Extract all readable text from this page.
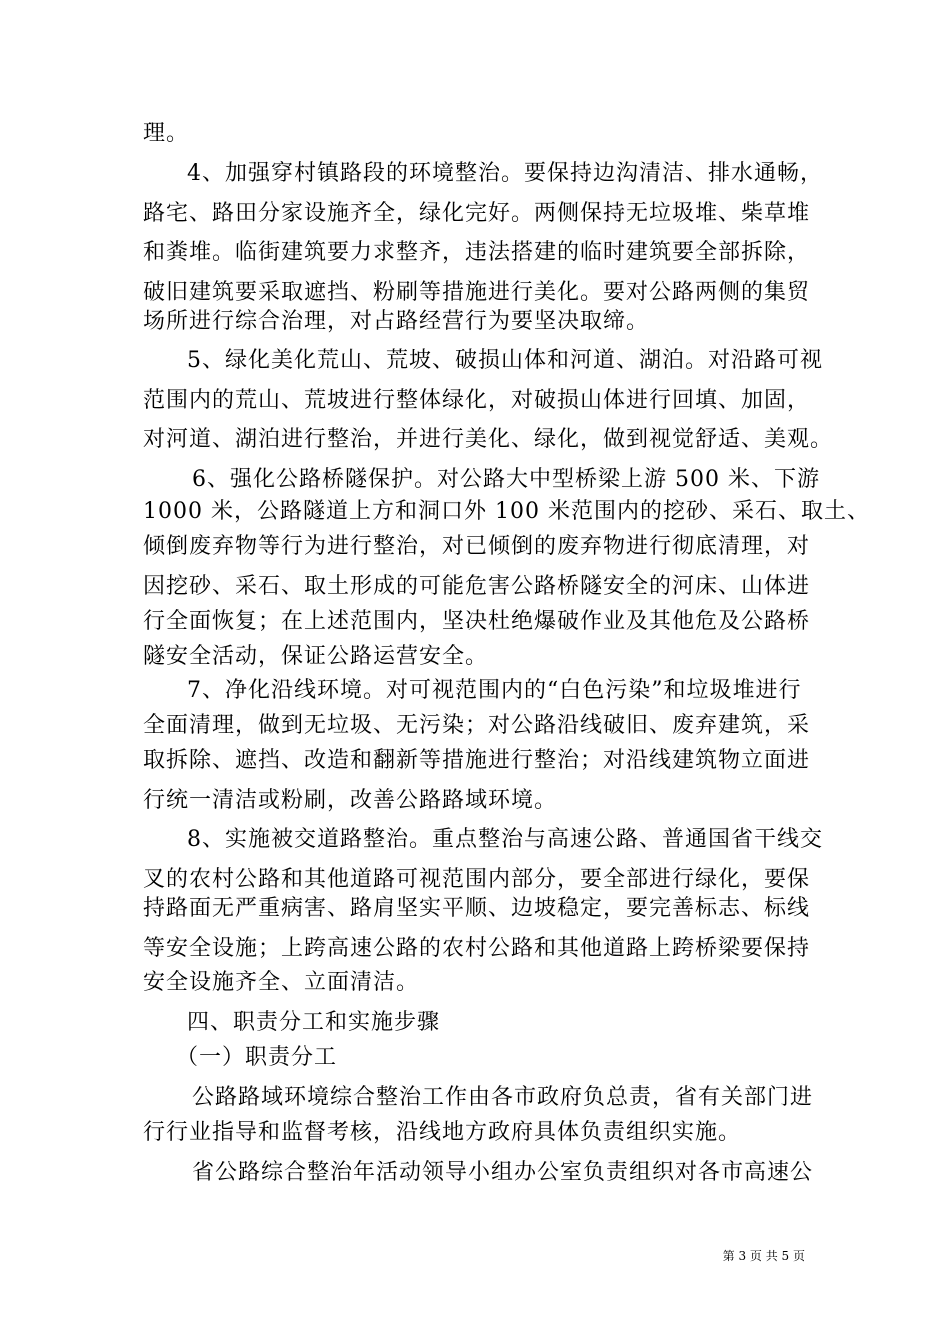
理。
4、加强穿村镇路段的环境整治。要保持边沟清洁、排水通畅，
路宅、路田分家设施齐全，绿化完好。两侧保持无垃圾堆、柴草堆
和粪堆。临街建筑要力求整齐，违法搭建的临时建筑要全部拆除，
破旧建筑要采取遮挡、粉刷等措施进行美化。要对公路两侧的集贸
场所进行综合治理，对占路经营行为要坚决取缔。
5、绿化美化荒山、荒坡、破损山体和河道、湖泊。对沿路可视
范围内的荒山、荒坡进行整体绿化，对破损山体进行回填、加固，
对河道、湖泊进行整治，并进行美化、绿化，做到视觉舒适、美观。
6、强化公路桥隧保护。对公路大中型桥梁上游 500 米、下游
1000 米，公路隧道上方和洞口外 100 米范围内的挖砂、采石、取土、
倾倒废弃物等行为进行整治，对已倾倒的废弃物进行彻底清理，对
因挖砂、采石、取土形成的可能危害公路桥隧安全的河床、山体进
行全面恢复；在上述范围内，坚决杜绝爆破作业及其他危及公路桥
隧安全活动，保证公路运营安全。
7、净化沿线环境。对可视范围内的“白色污染”和垃圾堆进行
全面清理，做到无垃圾、无污染；对公路沿线破旧、废弃建筑，采
取拆除、遮挡、改造和翻新等措施进行整治；对沿线建筑物立面进
行统一清洁或粉刷，改善公路路域环境。
8、实施被交道路整治。重点整治与高速公路、普通国省干线交
叉的农村公路和其他道路可视范围内部分，要全部进行绿化，要保
持路面无严重病害、路肩坚实平顺、边坡稳定，要完善标志、标线
等安全设施；上跨高速公路的农村公路和其他道路上跨桥梁要保持
安全设施齐全、立面清洁。
四、职责分工和实施步骤
（一）职责分工
公路路域环境综合整治工作由各市政府负总责，省有关部门进
行行业指导和监督考核，沿线地方政府具体负责组织实施。
省公路综合整治年活动领导小组办公室负责组织对各市高速公
第 3 页 共 5 页
